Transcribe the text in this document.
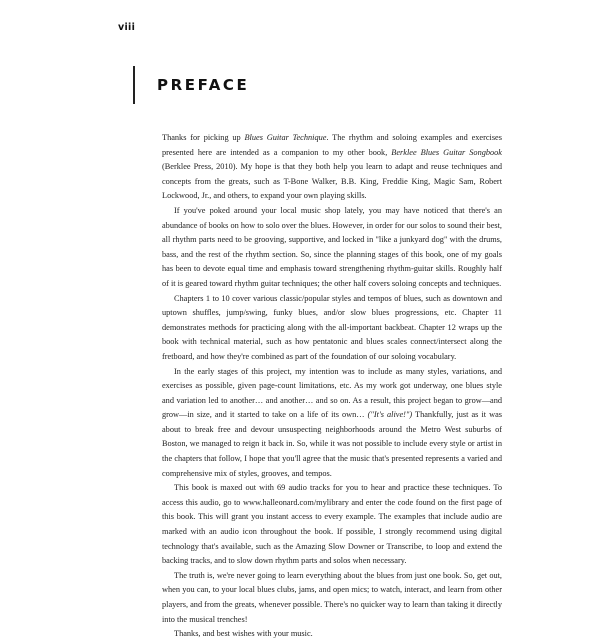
viii
PREFACE

Thanks for picking up Blues Guitar Technique. The rhythm and soloing examples and exercises presented here are intended as a companion to my other book, Berklee Blues Guitar Songbook (Berklee Press, 2010). My hope is that they both help you learn to adapt and reuse techniques and concepts from the greats, such as T-Bone Walker, B.B. King, Freddie King, Magic Sam, Robert Lockwood, Jr., and others, to expand your own playing skills.

If you've poked around your local music shop lately, you may have noticed that there's an abundance of books on how to solo over the blues. However, in order for our solos to sound their best, all rhythm parts need to be grooving, supportive, and locked in "like a junkyard dog" with the drums, bass, and the rest of the rhythm section. So, since the planning stages of this book, one of my goals has been to devote equal time and emphasis toward strengthening rhythm-guitar skills. Roughly half of it is geared toward rhythm guitar techniques; the other half covers soloing concepts and techniques.

Chapters 1 to 10 cover various classic/popular styles and tempos of blues, such as downtown and uptown shuffles, jump/swing, funky blues, and/or slow blues progressions, etc. Chapter 11 demonstrates methods for practicing along with the all-important backbeat. Chapter 12 wraps up the book with technical material, such as how pentatonic and blues scales connect/intersect along the fretboard, and how they're combined as part of the foundation of our soloing vocabulary.

In the early stages of this project, my intention was to include as many styles, variations, and exercises as possible, given page-count limitations, etc. As my work got underway, one blues style and variation led to another… and another… and so on. As a result, this project began to grow—and grow—in size, and it started to take on a life of its own… ("It's alive!") Thankfully, just as it was about to break free and devour unsuspecting neighborhoods around the Metro West suburbs of Boston, we managed to reign it back in. So, while it was not possible to include every style or artist in the chapters that follow, I hope that you'll agree that the music that's presented represents a varied and comprehensive mix of styles, grooves, and tempos.

This book is maxed out with 69 audio tracks for you to hear and practice these techniques. To access this audio, go to www.halleonard.com/mylibrary and enter the code found on the first page of this book. This will grant you instant access to every example. The examples that include audio are marked with an audio icon throughout the book. If possible, I strongly recommend using digital technology that's available, such as the Amazing Slow Downer or Transcribe, to loop and extend the backing tracks, and to slow down rhythm parts and solos when necessary.

The truth is, we're never going to learn everything about the blues from just one book. So, get out, when you can, to your local blues clubs, jams, and open mics; to watch, interact, and learn from other players, and from the greats, whenever possible. There's no quicker way to learn than taking it directly into the musical trenches!

Thanks, and best wishes with your music.
